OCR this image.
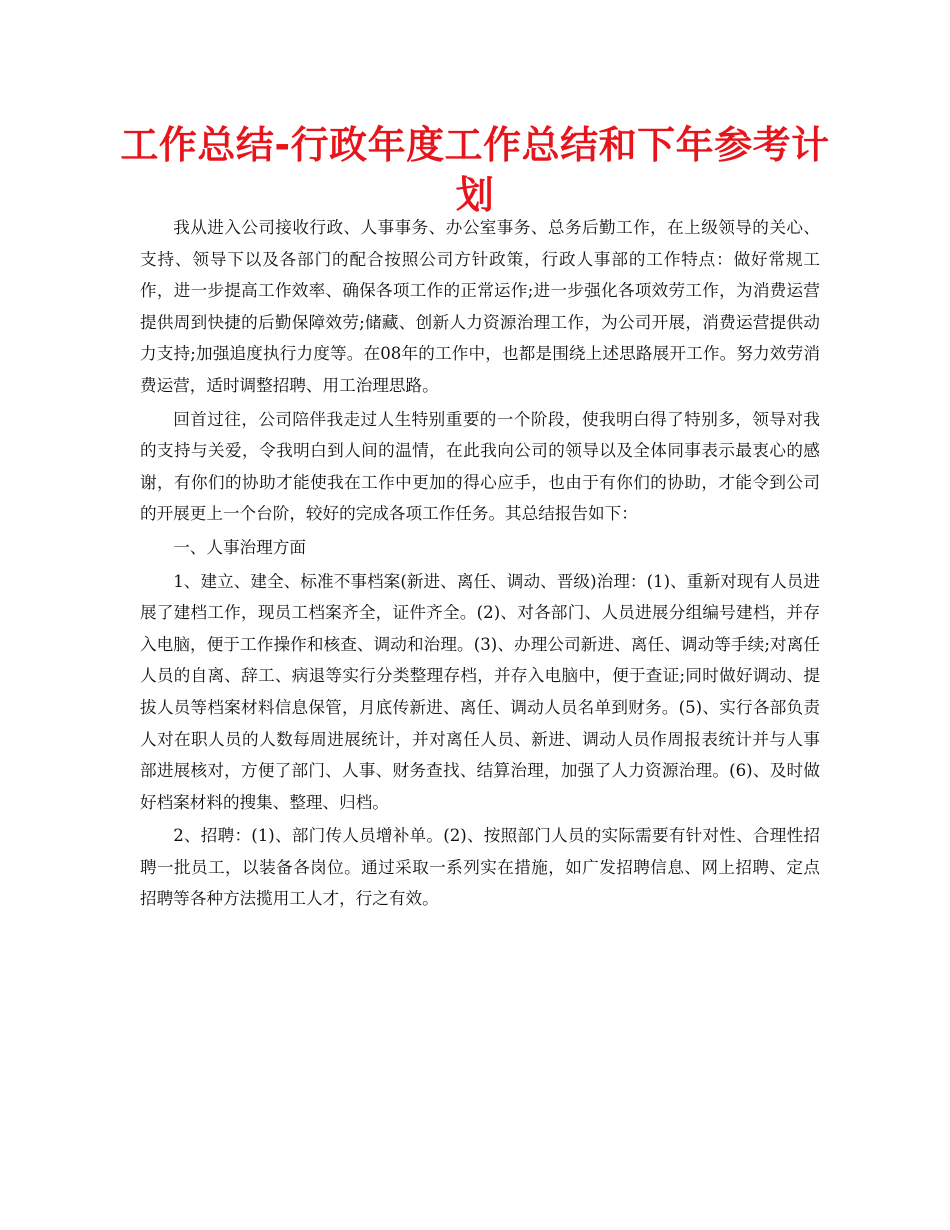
工作总结-行政年度工作总结和下年参考计划

我从进入公司接收行政、人事事务、办公室事务、总务后勤工作，在上级领导的关心、支持、领导下以及各部门的配合按照公司方针政策，行政人事部的工作特点：做好常规工作，进一步提高工作效率、确保各项工作的正常运作;进一步强化各项效劳工作，为消费运营提供周到快捷的后勤保障效劳;储藏、创新人力资源治理工作，为公司开展，消费运营提供动力支持;加强追度执行力度等。在08年的工作中，也都是围绕上述思路展开工作。努力效劳消费运营，适时调整招聘、用工治理思路。

回首过往，公司陪伴我走过人生特别重要的一个阶段，使我明白得了特别多，领导对我的支持与关爱，令我明白到人间的温情，在此我向公司的领导以及全体同事表示最衷心的感谢，有你们的协助才能使我在工作中更加的得心应手，也由于有你们的协助，才能令到公司的开展更上一个台阶，较好的完成各项工作任务。其总结报告如下：

一、人事治理方面

1、建立、建全、标准不事档案(新进、离任、调动、晋级)治理：(1)、重新对现有人员进展了建档工作，现员工档案齐全，证件齐全。(2)、对各部门、人员进展分组编号建档，并存入电脑，便于工作操作和核查、调动和治理。(3)、办理公司新进、离任、调动等手续;对离任人员的自离、辞工、病退等实行分类整理存档，并存入电脑中，便于查证;同时做好调动、提拔人员等档案材料信息保管，月底传新进、离任、调动人员名单到财务。(5)、实行各部负责人对在职人员的人数每周进展统计，并对离任人员、新进、调动人员作周报表统计并与人事部进展核对，方便了部门、人事、财务查找、结算治理，加强了人力资源治理。(6)、及时做好档案材料的搜集、整理、归档。

2、招聘：(1)、部门传人员增补单。(2)、按照部门人员的实际需要有针对性、合理性招聘一批员工，以装备各岗位。通过采取一系列实在措施，如广发招聘信息、网上招聘、定点招聘等各种方法揽用工人才，行之有效。
